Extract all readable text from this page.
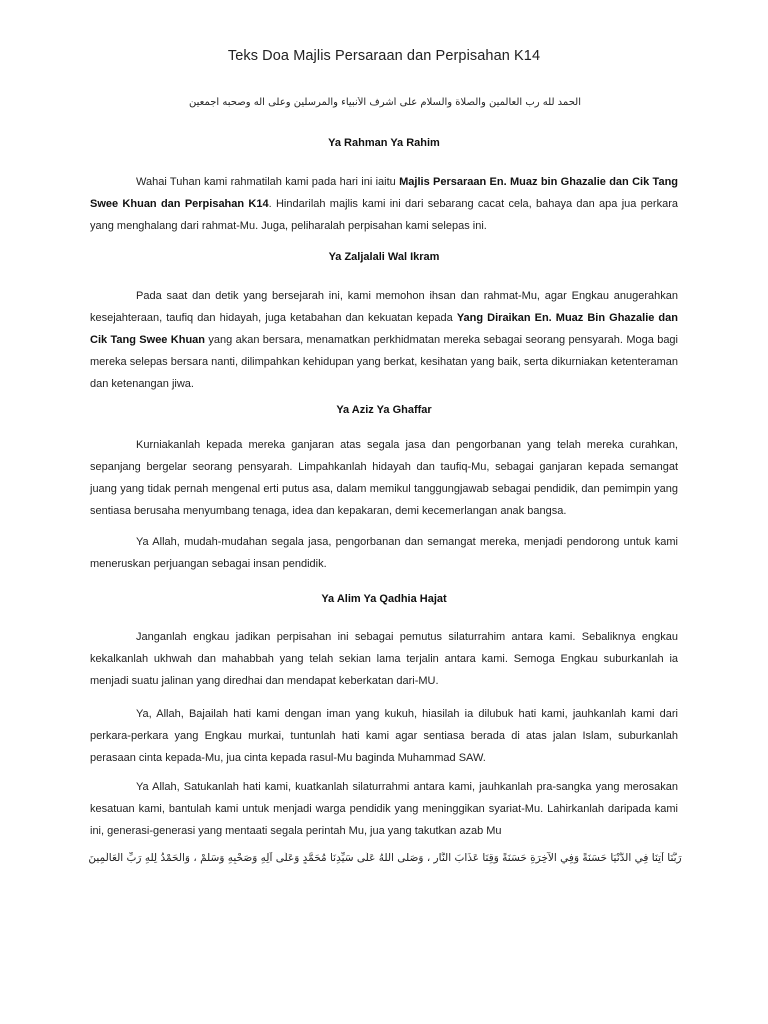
Teks Doa Majlis Persaraan dan Perpisahan K14
الحمد لله رب العالمين والصلاة والسلام على أشرف الأنبياء والمرسلين وعلى آله وصحبه أجمعين
Ya Rahman Ya Rahim
Wahai Tuhan kami rahmatilah kami pada hari ini iaitu Majlis Persaraan En. Muaz bin Ghazalie dan Cik Tang Swee Khuan dan Perpisahan K14. Hindarilah majlis kami ini dari sebarang cacat cela, bahaya dan apa jua perkara yang menghalang dari rahmat-Mu. Juga, peliharalah perpisahan kami selepas ini.
Ya Zaljalali Wal Ikram
Pada saat dan detik yang bersejarah ini, kami memohon ihsan dan rahmat-Mu, agar Engkau anugerahkan kesejahteraan, taufiq dan hidayah, juga ketabahan dan kekuatan kepada Yang Diraikan En. Muaz Bin Ghazalie dan Cik Tang Swee Khuan yang akan bersara, menamatkan perkhidmatan mereka sebagai seorang pensyarah. Moga bagi mereka selepas bersara nanti, dilimpahkan kehidupan yang berkat, kesihatan yang baik, serta dikurniakan ketenteraman dan ketenangan jiwa.
Ya Aziz Ya Ghaffar
Kurniakanlah kepada mereka ganjaran atas segala jasa dan pengorbanan yang telah mereka curahkan, sepanjang bergelar seorang pensyarah. Limpahkanlah hidayah dan taufiq-Mu, sebagai ganjaran kepada semangat juang yang tidak pernah mengenal erti putus asa, dalam memikul tanggungjawab sebagai pendidik, dan pemimpin yang sentiasa berusaha menyumbang tenaga, idea dan kepakaran, demi kecemerlangan anak bangsa.
Ya Allah, mudah-mudahan segala jasa, pengorbanan dan semangat mereka, menjadi pendorong untuk kami meneruskan perjuangan sebagai insan pendidik.
Ya Alim Ya Qadhia Hajat
Janganlah engkau jadikan perpisahan ini sebagai pemutus silaturrahim antara kami. Sebaliknya engkau kekalkanlah ukhwah dan mahabbah yang telah sekian lama terjalin antara kami. Semoga Engkau suburkanlah ia menjadi suatu jalinan yang diredhai dan mendapat keberkatan dari-MU.
Ya, Allah, Bajailah hati kami dengan iman yang kukuh, hiasilah ia dilubuk hati kami, jauhkanlah kami dari perkara-perkara yang Engkau murkai, tuntunlah hati kami agar sentiasa berada di atas jalan Islam, suburkanlah perasaan cinta kepada-Mu, jua cinta kepada rasul-Mu baginda Muhammad SAW.
Ya Allah, Satukanlah hati kami, kuatkanlah silaturrahmi antara kami, jauhkanlah pra-sangka yang merosakan kesatuan kami, bantulah kami untuk menjadi warga pendidik yang meninggikan syariat-Mu. Lahirkanlah daripada kami ini, generasi-generasi yang mentaati segala perintah Mu, jua yang takutkan azab Mu
رَبَّنَا آتِنَا فِي الدُّنْيَا حَسَنَةً وَفِي الآخِرَةِ حَسَنَةً وَقِنَا عَذَابَ النَّارِ ، وَصَلَّى اللهُ عَلَى سَيِّدِنَا مُحَمَّدٍ وَعَلَى آلِهِ وَصَحْبِهِ وَسَلَّمْ ، وَالْحَمْدُ لِلَّهِ رَبِّ الْعَالَمِينَ
